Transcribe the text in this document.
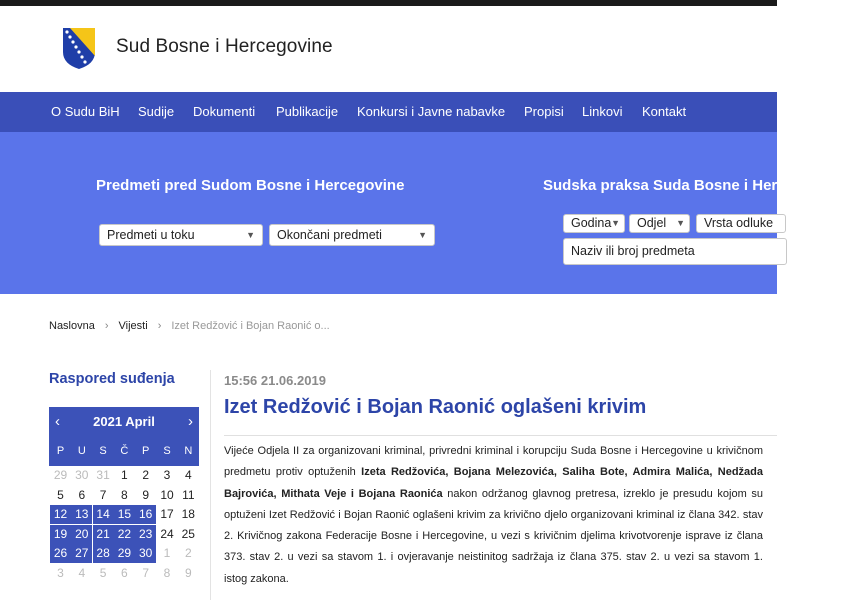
Sud Bosne i Hercegovine
O Sudu BiH Sudije Dokumenti Publikacije Konkursi i Javne nabavke Propisi Linkovi Kontakt
Predmeti pred Sudom Bosne i Hercegovine
Predmeti u toku	▼	Okončani predmeti	▼
Sudska praksa Suda Bosne i Hercegovine
Godina ▼	Odjel ▼	Vrsta odluke
Naziv ili broj predmeta
Naslovna › Vijesti › Izet Redžović i Bojan Raonić o...
Raspored suđenja
2021 April
‹	›
P	U	S	Č	P	S	N
29 30 31 1	2	3	4
5	6	7	8	9 10 11
12 13 14 15 16 17 18
19 20 21 22 23 24 25
26 27 28 29 30 1	2
3	4	5	6	7	8	9
15:56 21.06.2019
Izet Redžović i Bojan Raonić oglašeni krivim
Vijeće Odjela II za organizovani kriminal, privredni kriminal i korupciju Suda Bosne i Hercegovine u krivičnom predmetu protiv optuženih Izeta Redžovića, Bojana Melezovića, Saliha Bote, Admira Malića, Nedžada Bajrovića, Mithata Veje i Bojana Raonića nakon održanog glavnog pretresa, izreklo je presudu kojom su optuženi Izet Redžović i Bojan Raonić oglašeni krivim za krivično djelo organizovani kriminal iz člana 342. stav 2. Krivičnog zakona Federacije Bosne i Hercegovine, u vezi s krivičnim djelima krivotvorenje isprave iz člana 373. stav 2. u vezi sa stavom 1. i ovjeravanje neistinitog sadržaja iz člana 375. stav 2. u vezi sa stavom 1. istog zakona.
